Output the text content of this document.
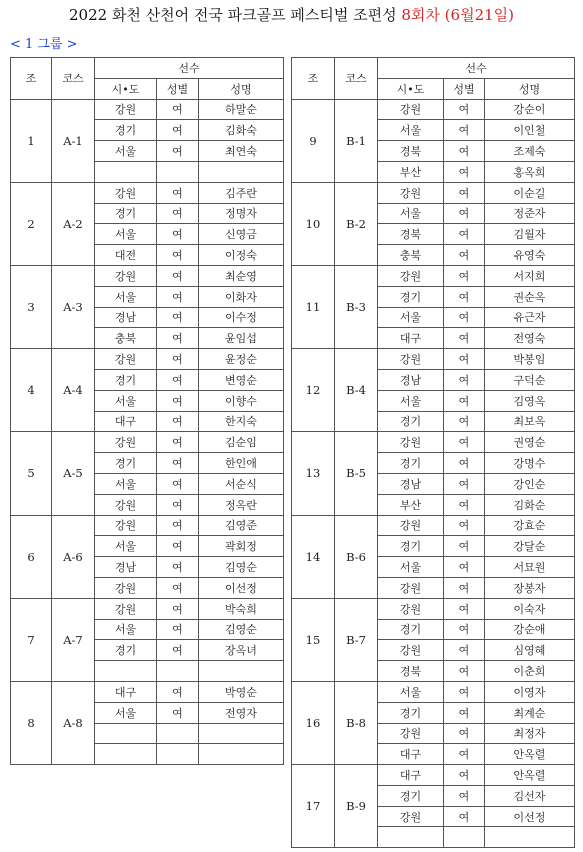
2022 화천 산천어 전국 파크골프 페스티벌 조편성 8회차 (6월21일)
< 1 그룹 >
조	코스	선수		
		시•도	성별	성명
1	A-1	강원	여	하말순
		경기	여	김화숙
		서울	여	최연숙

2	A-2	강원	여	김주란
		경기	여	정명자
		서울	여	신영금
		대전	여	이정숙
3	A-3	강원	여	최순영
		서울	여	이화자
		경남	여	이수정
		충북	여	윤임섭
4	A-4	강원	여	윤정순
		경기	여	변영순
		서울	여	이향수
		대구	여	한지숙
5	A-5	강원	여	김순임
		경기	여	한인애
		서울	여	서순식
		강원	여	정옥란
6	A-6	강원	여	김영준
		서울	여	곽회정
		경남	여	김영순
		강원	여	이선정
7	A-7	강원	여	박숙희
		서울	여	김영순
		경기	여	장옥녀

8	A-8	대구	여	박영순
		서울	여	전영자

조	코스	선수		
		시•도	성별	성명
9	B-1	강원	여	강순이
		서울	여	이인철
		경북	여	조제숙
		부산	여	홍옥희
10	B-2	강원	여	이순길
		서울	여	정준자
		경북	여	김월자
		충북	여	유영숙
11	B-3	강원	여	서지희
		경기	여	권순옥
		서울	여	유근자
		대구	여	전영숙
12	B-4	강원	여	박봉임
		경남	여	구덕순
		서울	여	김영옥
		경기	여	최보옥
13	B-5	강원	여	권영순
		경기	여	강명수
		경남	여	강인순
		부산	여	김화순
14	B-6	강원	여	강효순
		경기	여	강달순
		서울	여	서묘원
		강원	여	장봉자
15	B-7	강원	여	이숙자
		경기	여	강순애
		강원	여	심영혜
		경북	여	이춘희
16	B-8	서울	여	이영자
		경기	여	최계순
		강원	여	최정자
		대구	여	안옥렬
17	B-9	대구	여	안옥렬
		경기	여	김선자
		강원	여	이선정
